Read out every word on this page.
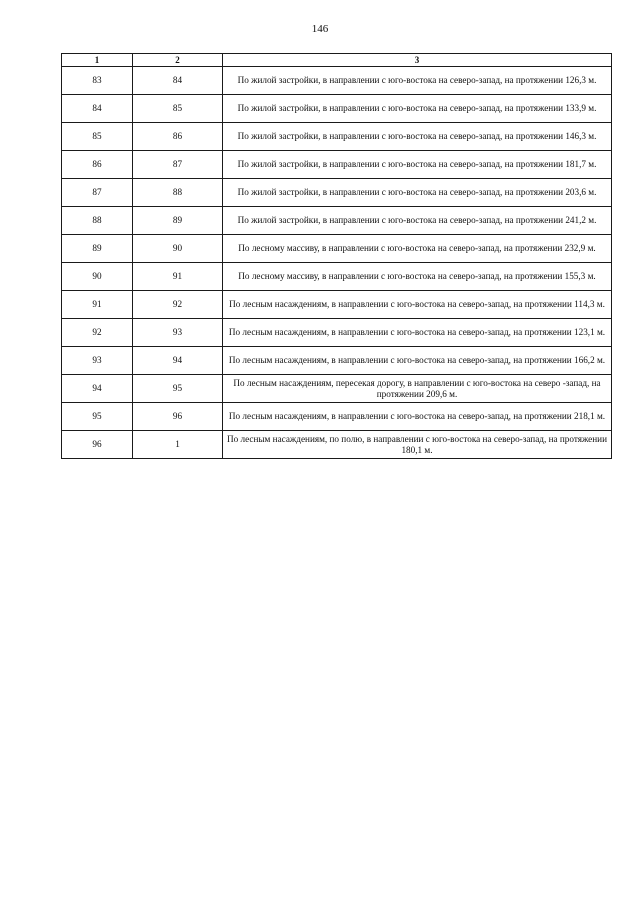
146
1	2	3
83	84	По жилой застройки, в направлении с юго-востока на северо-запад, на протяжении 126,3 м.
84	85	По жилой застройки, в направлении с юго-востока на северо-запад, на протяжении 133,9 м.
85	86	По жилой застройки, в направлении с юго-востока на северо-запад, на протяжении 146,3 м.
86	87	По жилой застройки, в направлении с юго-востока на северо-запад, на протяжении 181,7 м.
87	88	По жилой застройки, в направлении с юго-востока на северо-запад, на протяжении 203,6 м.
88	89	По жилой застройки, в направлении с юго-востока на северо-запад, на протяжении 241,2 м.
89	90	По лесному массиву, в направлении с юго-востока на северо-запад, на протяжении 232,9 м.
90	91	По лесному массиву, в направлении с юго-востока на северо-запад, на протяжении 155,3 м.
91	92	По лесным насаждениям, в направлении с юго-востока на северо-запад, на протяжении 114,3 м.
92	93	По лесным насаждениям, в направлении с юго-востока на северо-запад, на протяжении 123,1 м.
93	94	По лесным насаждениям, в направлении с юго-востока на северо-запад, на протяжении 166,2 м.
94	95	По лесным насаждениям, пересекая дорогу, в направлении с юго-востока на северо -запад, на протяжении 209,6 м.
95	96	По лесным насаждениям, в направлении с юго-востока на северо-запад, на протяжении 218,1 м.
96	1	По лесным насаждениям, по полю, в направлении с юго-востока на северо-запад, на протяжении 180,1 м.
